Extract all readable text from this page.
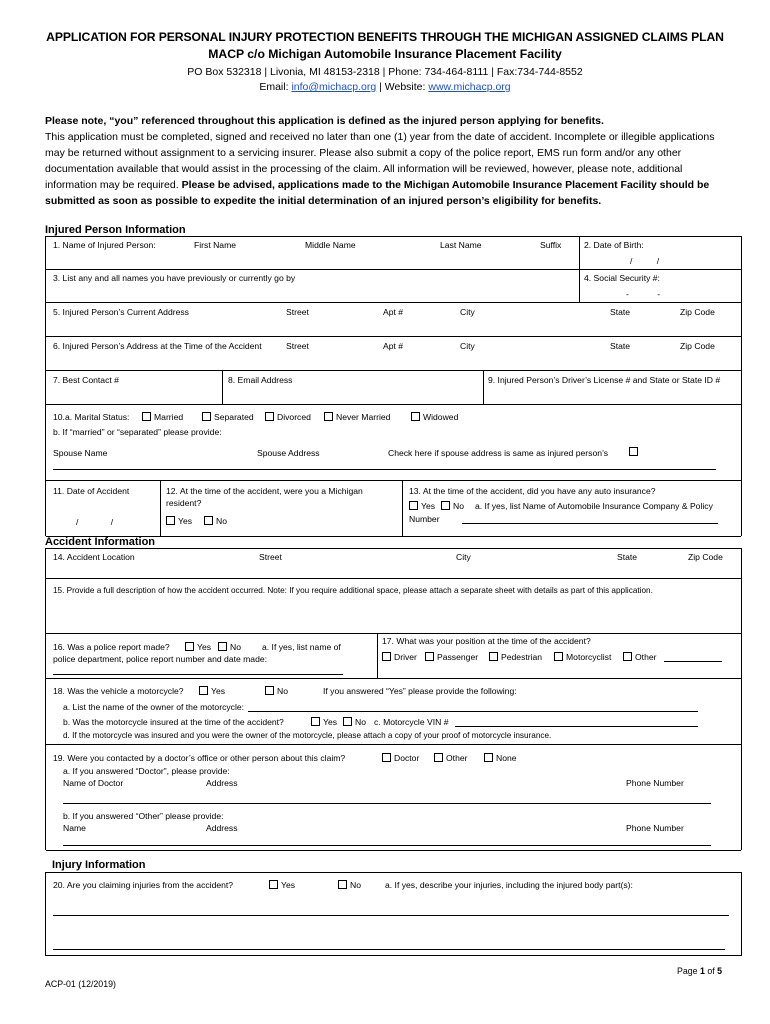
APPLICATION FOR PERSONAL INJURY PROTECTION BENEFITS THROUGH THE MICHIGAN ASSIGNED CLAIMS PLAN
MACP c/o Michigan Automobile Insurance Placement Facility
PO Box 532318 | Livonia, MI 48153-2318 | Phone: 734-464-8111 | Fax:734-744-8552
Email: info@michacp.org | Website: www.michacp.org
Please note, “you” referenced throughout this application is defined as the injured person applying for benefits.
This application must be completed, signed and received no later than one (1) year from the date of accident. Incomplete or illegible applications may be returned without assignment to a servicing insurer. Please also submit a copy of the police report, EMS run form and/or any other documentation available that would assist in the processing of the claim. All information will be reviewed, however, please note, additional information may be required. Please be advised, applications made to the Michigan Automobile Insurance Placement Facility should be submitted as soon as possible to expedite the initial determination of an injured person’s eligibility for benefits.
Injured Person Information
1. Name of Injured Person:	First Name	Middle Name	Last Name	Suffix	2. Date of Birth:
/ /
3. List any and all names you have previously or currently go by	4. Social Security #:
- -
5. Injured Person’s Current Address	Street	Apt #	City	State	Zip Code
6. Injured Person’s Address at the Time of the Accident	Street	Apt #	City	State	Zip Code
7. Best Contact #	8. Email Address	9. Injured Person’s Driver’s License # and State or State ID #
10.a. Marital Status:	Married	Separated	Divorced	Never Married	Widowed
b. If “married” or “separated” please provide:
Spouse Name	Spouse Address	Check here if spouse address is same as injured person’s
11. Date of Accident
/ /
12. At the time of the accident, were you a Michigan
resident?
Yes	No
13. At the time of the accident, did you have any auto insurance?
Yes	No a. If yes, list Name of Automobile Insurance Company & Policy
Number
Accident Information
14. Accident Location	Street	City	State	Zip Code
15. Provide a full description of how the accident occurred. Note: If you require additional space, please attach a separate sheet with details as part of this application.
16. Was a police report made?	Yes	No a. If yes, list name of
police department, police report number and date made:
17. What was your position at the time of the accident?
Driver	Passenger	Pedestrian	Motorcyclist	Other
18. Was the vehicle a motorcycle?	Yes	No	If you answered “Yes” please provide the following:
a. List the name of the owner of the motorcycle:
b. Was the motorcycle insured at the time of the accident?	Yes	No c. Motorcycle VIN #
d. If the motorcycle was insured and you were the owner of the motorcycle, please attach a copy of your proof of motorcycle insurance.
19. Were you contacted by a doctor’s office or other person about this claim?	Doctor	Other	None
a. If you answered “Doctor”, please provide:
Name of Doctor	Address	Phone Number
b. If you answered “Other” please provide:
Name	Address	Phone Number
Injury Information
20. Are you claiming injuries from the accident?	Yes	No	a. If yes, describe your injuries, including the injured body part(s):
Page 1 of 5
ACP-01 (12/2019)
